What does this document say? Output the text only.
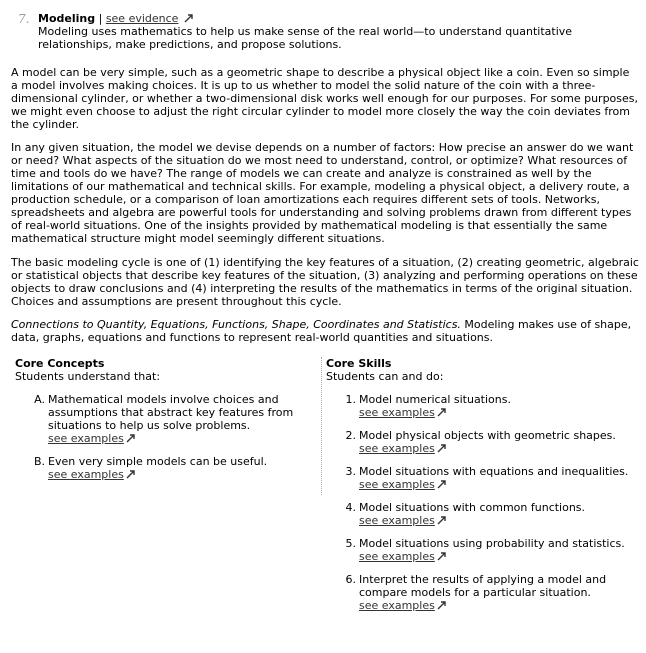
7. Modeling | see evidence
Modeling uses mathematics to help us make sense of the real world—to understand quantitative relationships, make predictions, and propose solutions.

A model can be very simple, such as a geometric shape to describe a physical object like a coin. Even so simple a model involves making choices. It is up to us whether to model the solid nature of the coin with a three-dimensional cylinder, or whether a two-dimensional disk works well enough for our purposes. For some purposes, we might even choose to adjust the right circular cylinder to model more closely the way the coin deviates from the cylinder.

In any given situation, the model we devise depends on a number of factors: How precise an answer do we want or need? What aspects of the situation do we most need to understand, control, or optimize? What resources of time and tools do we have? The range of models we can create and analyze is constrained as well by the limitations of our mathematical and technical skills. For example, modeling a physical object, a delivery route, a production schedule, or a comparison of loan amortizations each requires different sets of tools. Networks, spreadsheets and algebra are powerful tools for understanding and solving problems drawn from different types of real-world situations. One of the insights provided by mathematical modeling is that essentially the same mathematical structure might model seemingly different situations.

The basic modeling cycle is one of (1) identifying the key features of a situation, (2) creating geometric, algebraic or statistical objects that describe key features of the situation, (3) analyzing and performing operations on these objects to draw conclusions and (4) interpreting the results of the mathematics in terms of the original situation. Choices and assumptions are present throughout this cycle.

Connections to Quantity, Equations, Functions, Shape, Coordinates and Statistics. Modeling makes use of shape, data, graphs, equations and functions to represent real-world quantities and situations.

Core Concepts
Students understand that:
A. Mathematical models involve choices and assumptions that abstract key features from situations to help us solve problems.
see examples
B. Even very simple models can be useful.
see examples
Core Skills
Students can and do:
1. Model numerical situations.
see examples
2. Model physical objects with geometric shapes.
see examples
3. Model situations with equations and inequalities.
see examples
4. Model situations with common functions.
see examples
5. Model situations using probability and statistics.
see examples
6. Interpret the results of applying a model and compare models for a particular situation.
see examples
